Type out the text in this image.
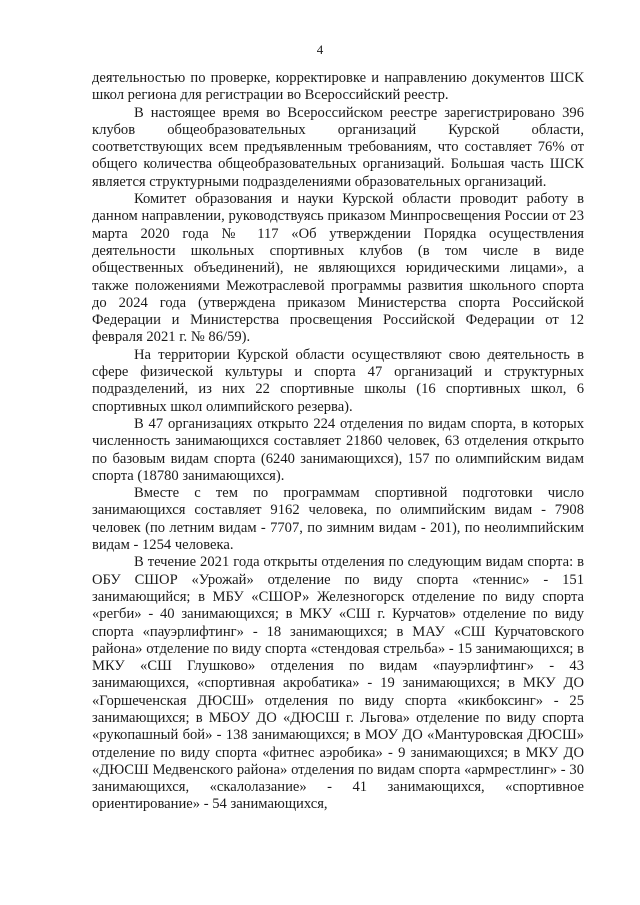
4

деятельностью по проверке, корректировке и направлению документов ШСК школ региона для регистрации во Всероссийский реестр.

В настоящее время во Всероссийском реестре зарегистрировано 396 клубов общеобразовательных организаций Курской области, соответствующих всем предъявленным требованиям, что составляет 76% от общего количества общеобразовательных организаций. Большая часть ШСК является структурными подразделениями образовательных организаций.

Комитет образования и науки Курской области проводит работу в данном направлении, руководствуясь приказом Минпросвещения России от 23 марта 2020 года № 117 «Об утверждении Порядка осуществления деятельности школьных спортивных клубов (в том числе в виде общественных объединений), не являющихся юридическими лицами», а также положениями Межотраслевой программы развития школьного спорта до 2024 года (утверждена приказом Министерства спорта Российской Федерации и Министерства просвещения Российской Федерации от 12 февраля 2021 г. № 86/59).

На территории Курской области осуществляют свою деятельность в сфере физической культуры и спорта 47 организаций и структурных подразделений, из них 22 спортивные школы (16 спортивных школ, 6 спортивных школ олимпийского резерва).

В 47 организациях открыто 224 отделения по видам спорта, в которых численность занимающихся составляет 21860 человек, 63 отделения открыто по базовым видам спорта (6240 занимающихся), 157 по олимпийским видам спорта (18780 занимающихся).

Вместе с тем по программам спортивной подготовки число занимающихся составляет 9162 человека, по олимпийским видам - 7908 человек (по летним видам - 7707, по зимним видам - 201), по неолимпийским видам - 1254 человека.

В течение 2021 года открыты отделения по следующим видам спорта: в ОБУ СШОР «Урожай» отделение по виду спорта «теннис» - 151 занимающийся; в МБУ «СШОР» Железногорск отделение по виду спорта «регби» - 40 занимающихся; в МКУ «СШ г. Курчатов» отделение по виду спорта «пауэрлифтинг» - 18 занимающихся; в МАУ «СШ Курчатовского района» отделение по виду спорта «стендовая стрельба» - 15 занимающихся; в МКУ «СШ Глушково» отделения по видам «пауэрлифтинг» - 43 занимающихся, «спортивная акробатика» - 19 занимающихся; в МКУ ДО «Горшеченская ДЮСШ» отделения по виду спорта «кикбоксинг» - 25 занимающихся; в МБОУ ДО «ДЮСШ г. Льгова» отделение по виду спорта «рукопашный бой» - 138 занимающихся; в МОУ ДО «Мантуровская ДЮСШ» отделение по виду спорта «фитнес аэробика» - 9 занимающихся; в МКУ ДО «ДЮСШ Медвенского района» отделения по видам спорта «армрестлинг» - 30 занимающихся, «скалолазание» - 41 занимающихся, «спортивное ориентирование» - 54 занимающихся,
